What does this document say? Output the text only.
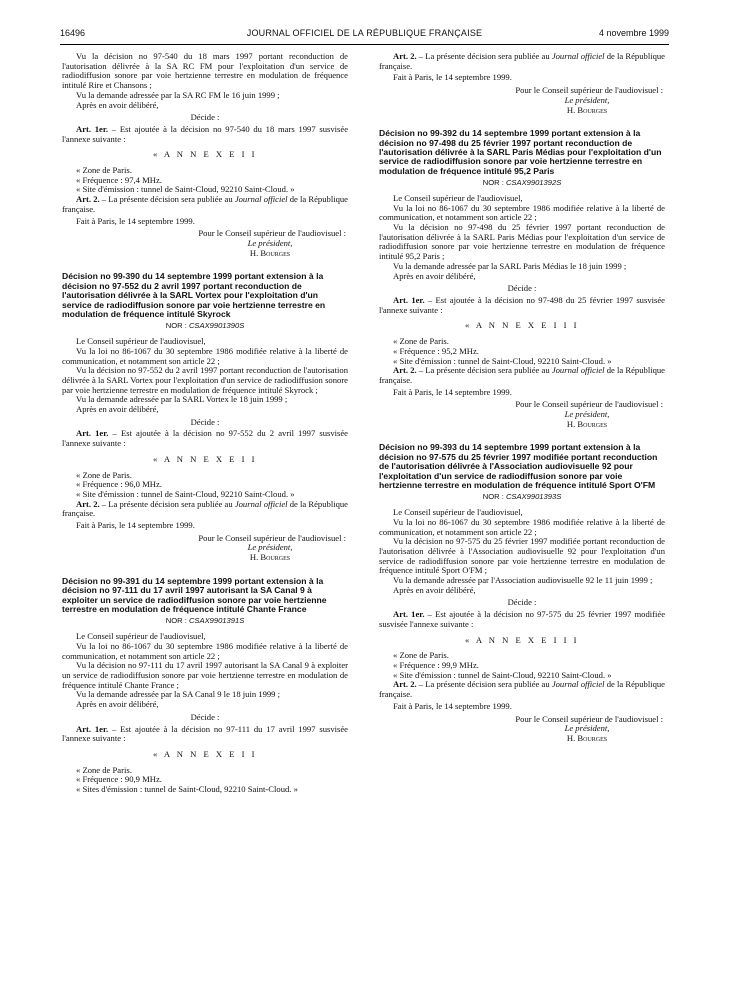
16496	JOURNAL OFFICIEL DE LA RÉPUBLIQUE FRANÇAISE	4 novembre 1999

Vu la décision no 97-540 du 18 mars 1997 portant reconduction de l'autorisation délivrée à la SA RC FM pour l'exploitation d'un service de radiodiffusion sonore par voie hertzienne terrestre en modulation de fréquence intitulé Rire et Chansons ;

Vu la demande adressée par la SA RC FM le 16 juin 1999 ;

Après en avoir délibéré,

Décide :

Art. 1er. – Est ajoutée à la décision no 97-540 du 18 mars 1997 susvisée l'annexe suivante :

« A N N E X E I I

« Zone de Paris.

« Fréquence : 97,4 MHz.

« Site d'émission : tunnel de Saint-Cloud, 92210 Saint-Cloud. »

Art. 2. – La présente décision sera publiée au Journal officiel de la République française.

Fait à Paris, le 14 septembre 1999.

Pour le Conseil supérieur de l'audiovisuel :

Le président,

H. Bourges

Décision no 99-390 du 14 septembre 1999 portant extension à la décision no 97-552 du 2 avril 1997 portant reconduction de l'autorisation délivrée à la SARL Vortex pour l'exploitation d'un service de radiodiffusion sonore par voie hertzienne terrestre en modulation de fréquence intitulé Skyrock

NOR : CSAX9901390S

Le Conseil supérieur de l'audiovisuel,

Vu la loi no 86-1067 du 30 septembre 1986 modifiée relative à la liberté de communication, et notamment son article 22 ;

Vu la décision no 97-552 du 2 avril 1997 portant reconduction de l'autorisation délivrée à la SARL Vortex pour l'exploitation d'un service de radiodiffusion sonore par voie hertzienne terrestre en modulation de fréquence intitulé Skyrock ;

Vu la demande adressée par la SARL Vortex le 18 juin 1999 ;

Après en avoir délibéré,

Décide :

Art. 1er. – Est ajoutée à la décision no 97-552 du 2 avril 1997 susvisée l'annexe suivante :

« A N N E X E I I

« Zone de Paris.

« Fréquence : 96,0 MHz.

« Site d'émission : tunnel de Saint-Cloud, 92210 Saint-Cloud. »

Art. 2. – La présente décision sera publiée au Journal officiel de la République française.

Fait à Paris, le 14 septembre 1999.

Pour le Conseil supérieur de l'audiovisuel :

Le président,

H. Bourges

Décision no 99-391 du 14 septembre 1999 portant extension à la décision no 97-111 du 17 avril 1997 autorisant la SA Canal 9 à exploiter un service de radiodiffusion sonore par voie hertzienne terrestre en modulation de fréquence intitulé Chante France

NOR : CSAX9901391S

Le Conseil supérieur de l'audiovisuel,

Vu la loi no 86-1067 du 30 septembre 1986 modifiée relative à la liberté de communication, et notamment son article 22 ;

Vu la décision no 97-111 du 17 avril 1997 autorisant la SA Canal 9 à exploiter un service de radiodiffusion sonore par voie hertzienne terrestre en modulation de fréquence intitulé Chante France ;

Vu la demande adressée par la SA Canal 9 le 18 juin 1999 ;

Après en avoir délibéré,

Décide :

Art. 1er. – Est ajoutée à la décision no 97-111 du 17 avril 1997 susvisée l'annexe suivante :

« A N N E X E I I

« Zone de Paris.

« Fréquence : 90,9 MHz.

« Sites d'émission : tunnel de Saint-Cloud, 92210 Saint-Cloud. »

Art. 2. – La présente décision sera publiée au Journal officiel de la République française.

Fait à Paris, le 14 septembre 1999.

Pour le Conseil supérieur de l'audiovisuel :

Le président,

H. Bourges

Décision no 99-392 du 14 septembre 1999 portant extension à la décision no 97-498 du 25 février 1997 portant reconduction de l'autorisation délivrée à la SARL Paris Médias pour l'exploitation d'un service de radiodiffusion sonore par voie hertzienne terrestre en modulation de fréquence intitulé 95,2 Paris

NOR : CSAX9901392S

Le Conseil supérieur de l'audiovisuel,

Vu la loi no 86-1067 du 30 septembre 1986 modifiée relative à la liberté de communication, et notamment son article 22 ;

Vu la décision no 97-498 du 25 février 1997 portant reconduction de l'autorisation délivrée à la SARL Paris Médias pour l'exploitation d'un service de radiodiffusion sonore par voie hertzienne terrestre en modulation de fréquence intitulé 95,2 Paris ;

Vu la demande adressée par la SARL Paris Médias le 18 juin 1999 ;

Après en avoir délibéré,

Décide :

Art. 1er. – Est ajoutée à la décision no 97-498 du 25 février 1997 susvisée l'annexe suivante :

« A N N E X E I I I

« Zone de Paris.

« Fréquence : 95,2 MHz.

« Site d'émission : tunnel de Saint-Cloud, 92210 Saint-Cloud. »

Art. 2. – La présente décision sera publiée au Journal officiel de la République française.

Fait à Paris, le 14 septembre 1999.

Pour le Conseil supérieur de l'audiovisuel :

Le président,

H. Bourges

Décision no 99-393 du 14 septembre 1999 portant extension à la décision no 97-575 du 25 février 1997 modifiée portant reconduction de l'autorisation délivrée à l'Association audiovisuelle 92 pour l'exploitation d'un service de radiodiffusion sonore par voie hertzienne terrestre en modulation de fréquence intitulé Sport O'FM

NOR : CSAX9901393S

Le Conseil supérieur de l'audiovisuel,

Vu la loi no 86-1067 du 30 septembre 1986 modifiée relative à la liberté de communication, et notamment son article 22 ;

Vu la décision no 97-575 du 25 février 1997 modifiée portant reconduction de l'autorisation délivrée à l'Association audiovisuelle 92 pour l'exploitation d'un service de radiodiffusion sonore par voie hertzienne terrestre en modulation de fréquence intitulé Sport O'FM ;

Vu la demande adressée par l'Association audiovisuelle 92 le 11 juin 1999 ;

Après en avoir délibéré,

Décide :

Art. 1er. – Est ajoutée à la décision no 97-575 du 25 février 1997 modifiée susvisée l'annexe suivante :

« A N N E X E I I I

« Zone de Paris.

« Fréquence : 99,9 MHz.

« Site d'émission : tunnel de Saint-Cloud, 92210 Saint-Cloud. »

Art. 2. – La présente décision sera publiée au Journal officiel de la République française.

Fait à Paris, le 14 septembre 1999.

Pour le Conseil supérieur de l'audiovisuel :

Le président,

H. Bourges
